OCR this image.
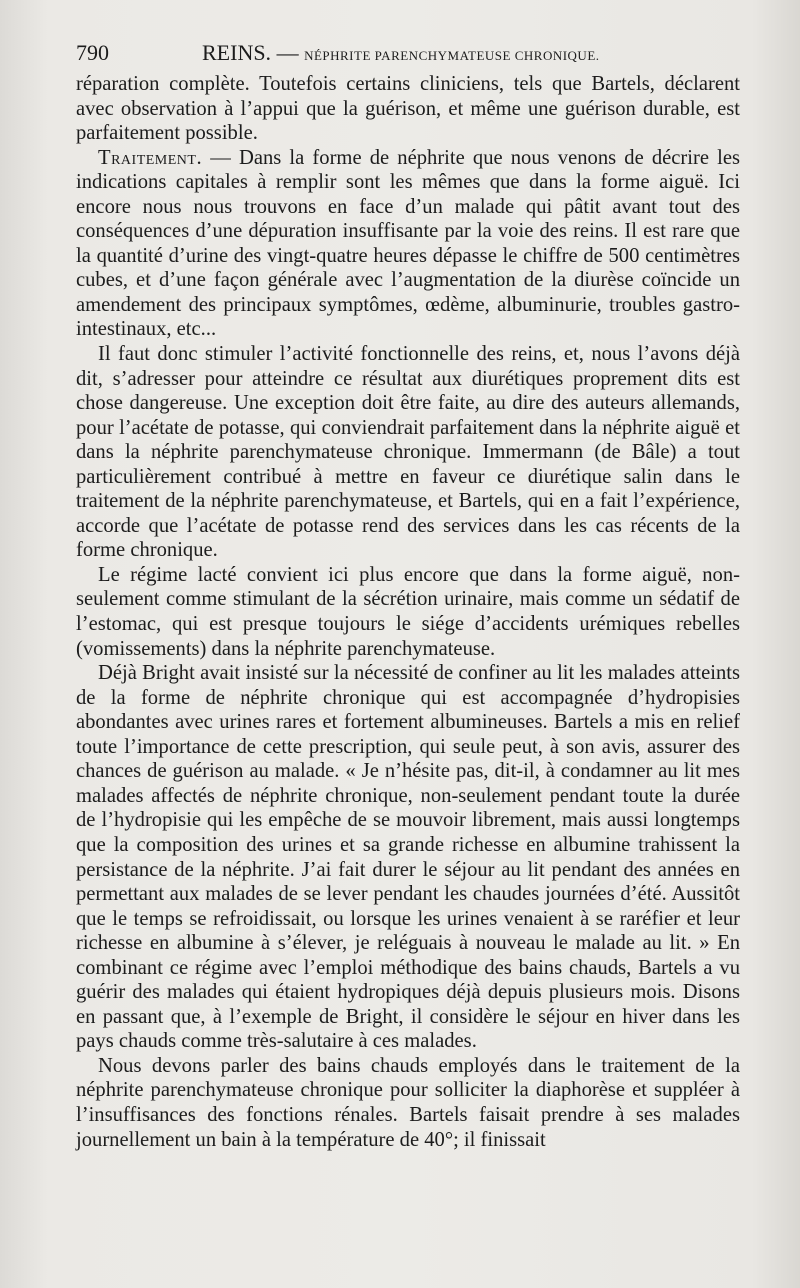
790	REINS. — NÉPHRITE PARENCHYMATEUSE CHRONIQUE.

réparation complète. Toutefois certains cliniciens, tels que Bartels, déclarent avec observation à l’appui que la guérison, et même une guérison durable, est parfaitement possible.

Traitement. — Dans la forme de néphrite que nous venons de décrire les indications capitales à remplir sont les mêmes que dans la forme aiguë. Ici encore nous nous trouvons en face d’un malade qui pâtit avant tout des conséquences d’une dépuration insuffisante par la voie des reins. Il est rare que la quantité d’urine des vingt-quatre heures dépasse le chiffre de 500 centimètres cubes, et d’une façon générale avec l’augmentation de la diurèse coïncide un amendement des principaux symptômes, œdème, albuminurie, troubles gastro-intestinaux, etc...

Il faut donc stimuler l’activité fonctionnelle des reins, et, nous l’avons déjà dit, s’adresser pour atteindre ce résultat aux diurétiques proprement dits est chose dangereuse. Une exception doit être faite, au dire des auteurs allemands, pour l’acétate de potasse, qui conviendrait parfaitement dans la néphrite aiguë et dans la néphrite parenchymateuse chronique. Immermann (de Bâle) a tout particulièrement contribué à mettre en faveur ce diurétique salin dans le traitement de la néphrite parenchymateuse, et Bartels, qui en a fait l’expérience, accorde que l’acétate de potasse rend des services dans les cas récents de la forme chronique.

Le régime lacté convient ici plus encore que dans la forme aiguë, non-seulement comme stimulant de la sécrétion urinaire, mais comme un sédatif de l’estomac, qui est presque toujours le siége d’accidents urémiques rebelles (vomissements) dans la néphrite parenchymateuse.

Déjà Bright avait insisté sur la nécessité de confiner au lit les malades atteints de la forme de néphrite chronique qui est accompagnée d’hydropisies abondantes avec urines rares et fortement albumineuses. Bartels a mis en relief toute l’importance de cette prescription, qui seule peut, à son avis, assurer des chances de guérison au malade. « Je n’hésite pas, dit-il, à condamner au lit mes malades affectés de néphrite chronique, non-seulement pendant toute la durée de l’hydropisie qui les empêche de se mouvoir librement, mais aussi longtemps que la composition des urines et sa grande richesse en albumine trahissent la persistance de la néphrite. J’ai fait durer le séjour au lit pendant des années en permettant aux malades de se lever pendant les chaudes journées d’été. Aussitôt que le temps se refroidissait, ou lorsque les urines venaient à se raréfier et leur richesse en albumine à s’élever, je reléguais à nouveau le malade au lit. » En combinant ce régime avec l’emploi méthodique des bains chauds, Bartels a vu guérir des malades qui étaient hydropiques déjà depuis plusieurs mois. Disons en passant que, à l’exemple de Bright, il considère le séjour en hiver dans les pays chauds comme très-salutaire à ces malades.

Nous devons parler des bains chauds employés dans le traitement de la néphrite parenchymateuse chronique pour solliciter la diaphorèse et suppléer à l’insuffisances des fonctions rénales. Bartels faisait prendre à ses malades journellement un bain à la température de 40°; il finissait
